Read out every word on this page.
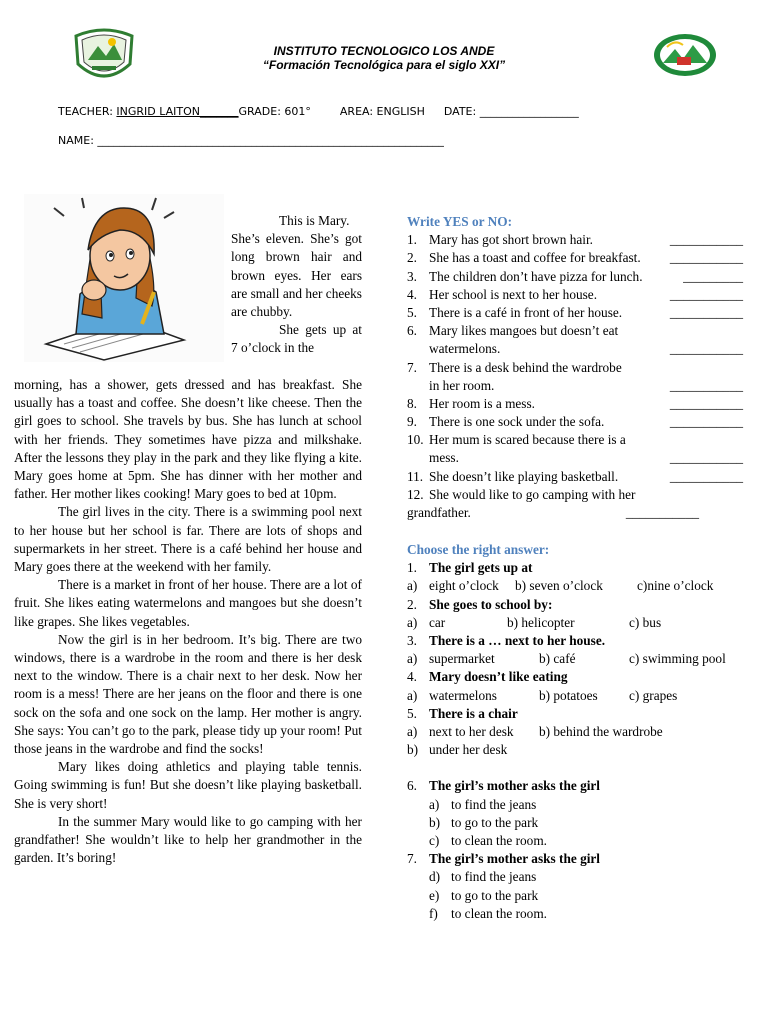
INSTITUTO TECNOLOGICO LOS ANDE
“Formación Tecnológica para el siglo XXI”
TEACHER: INGRID LAITON_______GRADE: 601°	AREA: ENGLISH DATE: __________________
NAME: _______________________________________________________________

This is Mary.

She’s eleven. She’s got long brown hair and brown eyes. Her ears are small and her cheeks are chubby.

She gets up at 7 o’clock in the

morning, has a shower, gets dressed and has breakfast. She usually has a toast and coffee. She doesn’t like cheese. Then the girl goes to school. She travels by bus. She has lunch at school with her friends. They sometimes have pizza and milkshake. After the lessons they play in the park and they like flying a kite. Mary goes home at 5pm. She has dinner with her mother and father. Her mother likes cooking! Mary goes to bed at 10pm.

The girl lives in the city. There is a swimming pool next to her house but her school is far. There are lots of shops and supermarkets in her street. There is a café behind her house and Mary goes there at the weekend with her family.

There is a market in front of her house. There are a lot of fruit. She likes eating watermelons and mangoes but she doesn’t like grapes. She likes vegetables.

Now the girl is in her bedroom. It’s big. There are two windows, there is a wardrobe in the room and there is her desk next to the window. There is a chair next to her desk. Now her room is a mess! There are her jeans on the floor and there is one sock on the sofa and one sock on the lamp. Her mother is angry. She says: You can’t go to the park, please tidy up your room! Put those jeans in the wardrobe and find the socks!

Mary likes doing athletics and playing table tennis. Going swimming is fun! But she doesn’t like playing basketball. She is very short!

In the summer Mary would like to go camping with her grandfather! She wouldn’t like to help her grandmother in the garden. It’s boring!

Write YES or NO:
1. Mary has got short brown hair.	___________
2. She has a toast and coffee for breakfast. ___________
3. The children don’t have pizza for lunch.	_________
4. Her school is next to her house.	___________
5. There is a café in front of her house.	___________
6. Mary likes mangoes but doesn’t eat
watermelons.	___________
7. There is a desk behind the wardrobe
in her room.	___________
8. Her room is a mess.	___________
9. There is one sock under the sofa.	___________
10. Her mum is scared because there is a
mess.	___________
11. She doesn’t like playing basketball.	___________
12. She would like to go camping with her
grandfather.	___________
Choose the right answer:
1. The girl gets up at
a) eight o’clock b) seven o’clock	c)nine o’clock
2. She goes to school by:
a) car	b) helicopter	c) bus
3. There is a … next to her house.
a) supermarket	b) café	c) swimming pool
4. Mary doesn’t like eating
a) watermelons	b) potatoes c) grapes
5. There is a chair
a) next to her desk b) behind the wardrobe
b) under her desk
6. The girl’s mother asks the girl
a) to find the jeans
b) to go to the park
c) to clean the room.
7. The girl’s mother asks the girl
d) to find the jeans
e) to go to the park
f) to clean the room.
